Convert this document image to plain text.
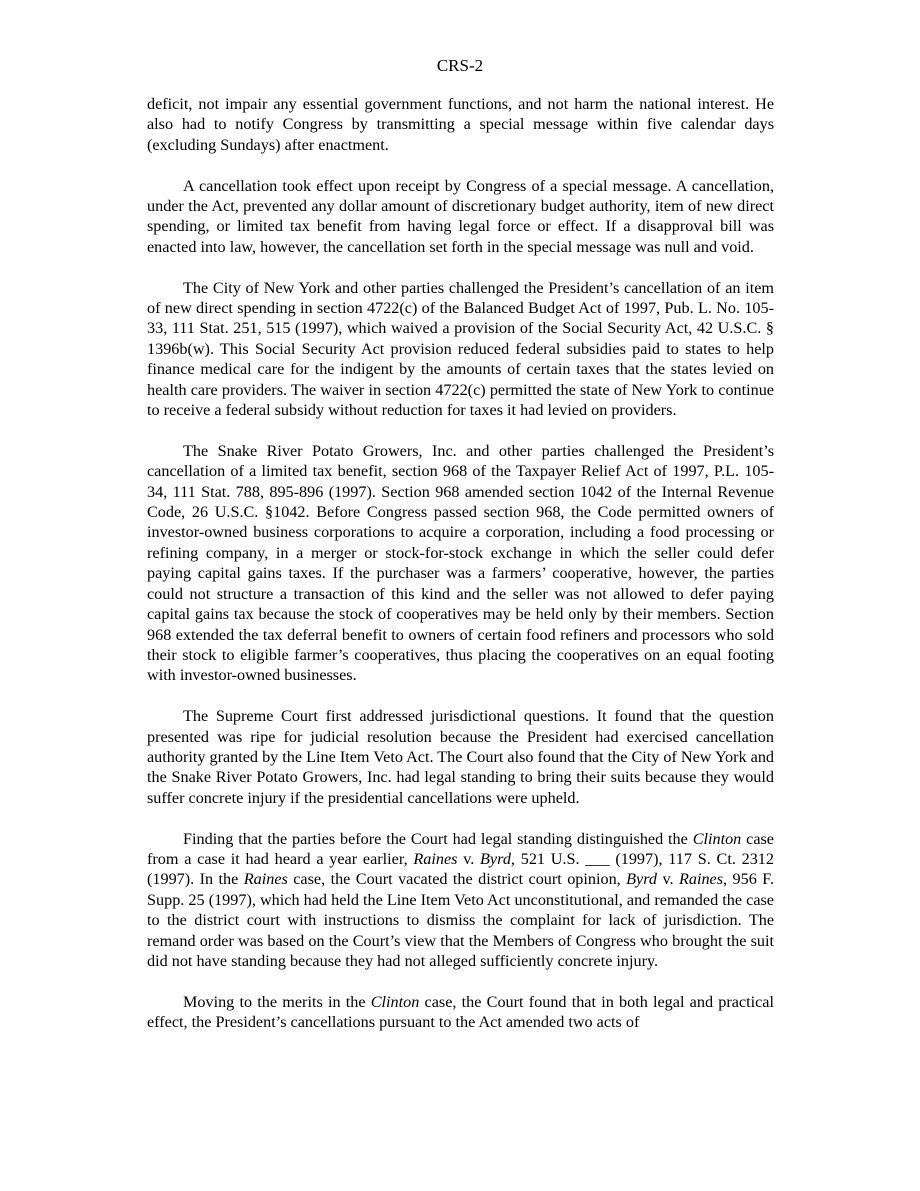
CRS-2

deficit, not impair any essential government functions, and not harm the national interest. He also had to notify Congress by transmitting a special message within five calendar days (excluding Sundays) after enactment.

A cancellation took effect upon receipt by Congress of a special message. A cancellation, under the Act, prevented any dollar amount of discretionary budget authority, item of new direct spending, or limited tax benefit from having legal force or effect. If a disapproval bill was enacted into law, however, the cancellation set forth in the special message was null and void.

The City of New York and other parties challenged the President’s cancellation of an item of new direct spending in section 4722(c) of the Balanced Budget Act of 1997, Pub. L. No. 105-33, 111 Stat. 251, 515 (1997), which waived a provision of the Social Security Act, 42 U.S.C. § 1396b(w). This Social Security Act provision reduced federal subsidies paid to states to help finance medical care for the indigent by the amounts of certain taxes that the states levied on health care providers. The waiver in section 4722(c) permitted the state of New York to continue to receive a federal subsidy without reduction for taxes it had levied on providers.

The Snake River Potato Growers, Inc. and other parties challenged the President’s cancellation of a limited tax benefit, section 968 of the Taxpayer Relief Act of 1997, P.L. 105-34, 111 Stat. 788, 895-896 (1997). Section 968 amended section 1042 of the Internal Revenue Code, 26 U.S.C. §1042. Before Congress passed section 968, the Code permitted owners of investor-owned business corporations to acquire a corporation, including a food processing or refining company, in a merger or stock-for-stock exchange in which the seller could defer paying capital gains taxes. If the purchaser was a farmers’ cooperative, however, the parties could not structure a transaction of this kind and the seller was not allowed to defer paying capital gains tax because the stock of cooperatives may be held only by their members. Section 968 extended the tax deferral benefit to owners of certain food refiners and processors who sold their stock to eligible farmer’s cooperatives, thus placing the cooperatives on an equal footing with investor-owned businesses.

The Supreme Court first addressed jurisdictional questions. It found that the question presented was ripe for judicial resolution because the President had exercised cancellation authority granted by the Line Item Veto Act. The Court also found that the City of New York and the Snake River Potato Growers, Inc. had legal standing to bring their suits because they would suffer concrete injury if the presidential cancellations were upheld.

Finding that the parties before the Court had legal standing distinguished the Clinton case from a case it had heard a year earlier, Raines v. Byrd, 521 U.S. ___ (1997), 117 S. Ct. 2312 (1997). In the Raines case, the Court vacated the district court opinion, Byrd v. Raines, 956 F. Supp. 25 (1997), which had held the Line Item Veto Act unconstitutional, and remanded the case to the district court with instructions to dismiss the complaint for lack of jurisdiction. The remand order was based on the Court’s view that the Members of Congress who brought the suit did not have standing because they had not alleged sufficiently concrete injury.

Moving to the merits in the Clinton case, the Court found that in both legal and practical effect, the President’s cancellations pursuant to the Act amended two acts of
